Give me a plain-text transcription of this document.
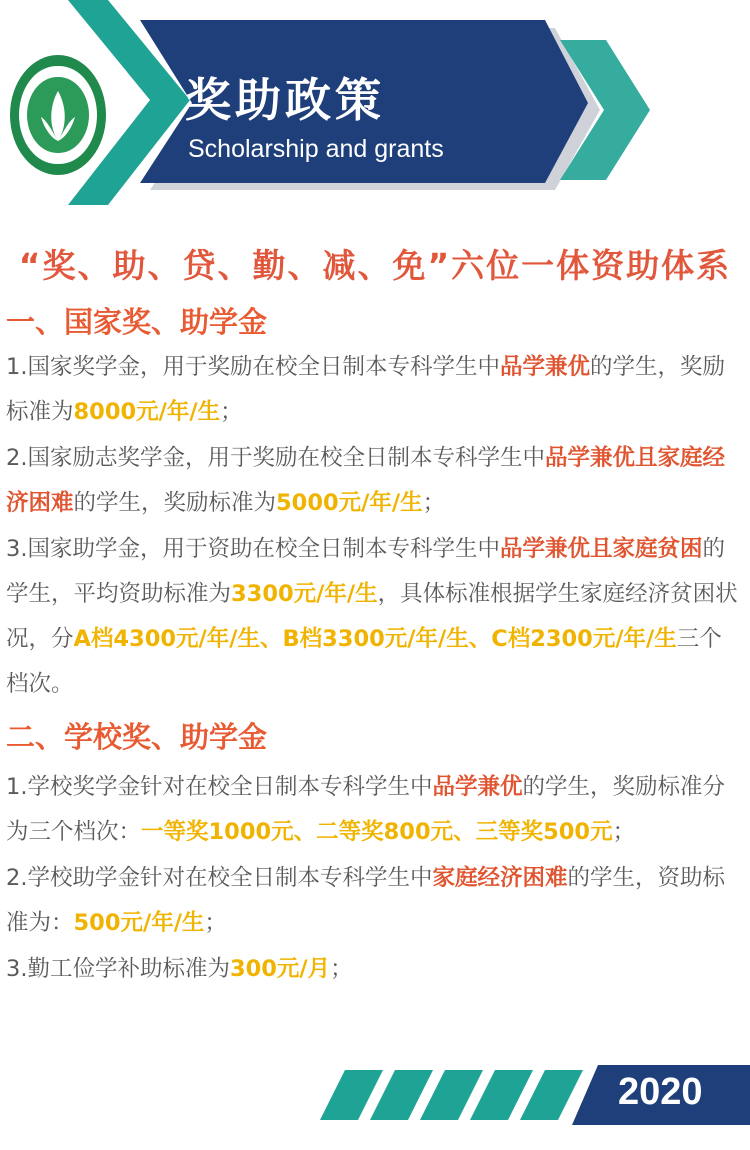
奖助政策
Scholarship and grants
“奖、助、贷、勤、减、免”六位一体资助体系
一、国家奖、助学金
1.国家奖学金，用于奖励在校全日制本专科学生中品学兼优的学生，奖励标准为8000元/年/生；
2.国家励志奖学金，用于奖励在校全日制本专科学生中品学兼优且家庭经济困难的学生，奖励标准为5000元/年/生；
3.国家助学金，用于资助在校全日制本专科学生中品学兼优且家庭贫困的学生，平均资助标准为3300元/年/生，具体标准根据学生家庭经济贫困状况，分A档4300元/年/生、B档3300元/年/生、C档2300元/年/生三个档次。
二、学校奖、助学金
1.学校奖学金针对在校全日制本专科学生中品学兼优的学生，奖励标准分为三个档次：一等奖1000元、二等奖800元、三等奖500元；
2.学校助学金针对在校全日制本专科学生中家庭经济困难的学生，资助标准为：500元/年/生；
3.勤工俭学补助标准为300元/月；
2020
